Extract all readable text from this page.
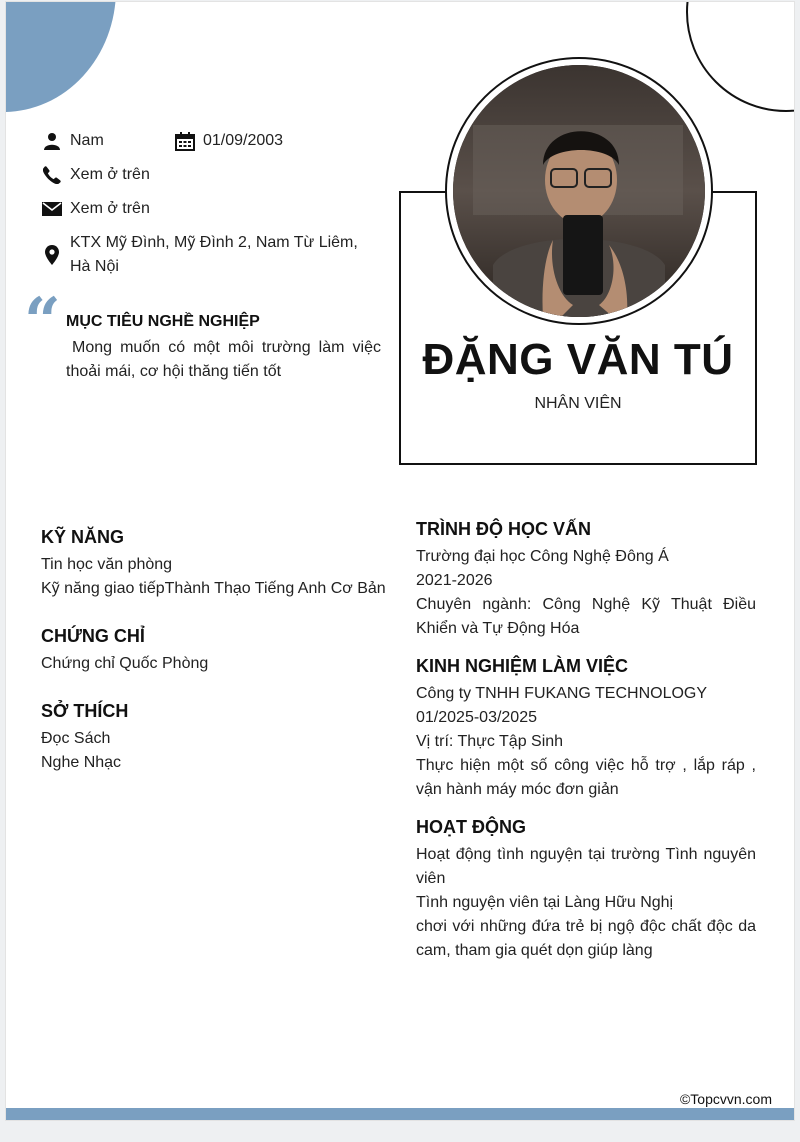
Nam	01/09/2003
Xem ở trên
Xem ở trên
KTX Mỹ Đình, Mỹ Đình 2, Nam Từ Liêm, Hà Nội
“ MỤC TIÊU NGHỀ NGHIỆP
Mong muốn có một môi trường làm việc thoải mái, cơ hội thăng tiến tốt	ĐẶNG VĂN TÚ
NHÂN VIÊN
KỸ NĂNG
Tin học văn phòng
Kỹ năng giao tiếpThành Thạo Tiếng Anh Cơ Bản
CHỨNG CHỈ
Chứng chỉ Quốc Phòng
SỞ THÍCH
Đọc Sách
Nghe Nhạc
TRÌNH ĐỘ HỌC VẤN
Trường đại học Công Nghệ Đông Á
2021-2026
Chuyên ngành: Công Nghệ Kỹ Thuật Điều Khiển và Tự Động Hóa
KINH NGHIỆM LÀM VIỆC
Công ty TNHH FUKANG TECHNOLOGY
01/2025-03/2025
Vị trí: Thực Tập Sinh
Thực hiện một số công việc hỗ trợ , lắp ráp , vận hành máy móc đơn giản
HOẠT ĐỘNG
Hoạt động tình nguyện tại trường Tình nguyên viên
Tình nguyện viên tại Làng Hữu Nghị
chơi với những đứa trẻ bị ngộ độc chất độc da cam, tham gia quét dọn giúp làng
©Topcvvn.com
